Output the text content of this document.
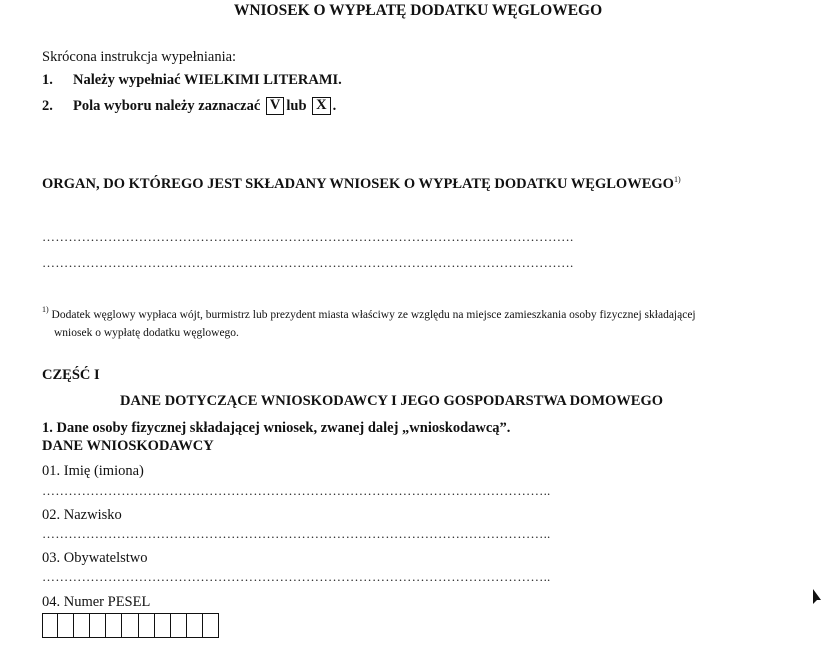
WNIOSEK O WYPŁATĘ DODATKU WĘGLOWEGO
Skrócona instrukcja wypełniania:
1. Należy wypełniać WIELKIMI LITERAMI.
2. Pola wyboru należy zaznaczać V lub X .
ORGAN, DO KTÓREGO JEST SKŁADANY WNIOSEK O WYPŁATĘ DODATKU WĘGLOWEGO$^{1)}$
………………………………………………………………………………………………………….
………………………………………………………………………………………………………….
$^{1)}$ Dodatek węglowy wypłaca wójt, burmistrz lub prezydent miasta właściwy ze względu na miejsce zamieszkania osoby fizycznej składającej
wniosek o wypłatę dodatku węglowego.
CZĘŚĆ I
DANE DOTYCZĄCE WNIOSKODAWCY I JEGO GOSPODARSTWA DOMOWEGO
1. Dane osoby fizycznej składającej wniosek, zwanej dalej „wnioskodawcą”.
DANE WNIOSKODAWCY
01. Imię (imiona)
……………………………………………………………………………………………………..
02. Nazwisko
……………………………………………………………………………………………………..
03. Obywatelstwo
……………………………………………………………………………………………………..
04. Numer PESEL
